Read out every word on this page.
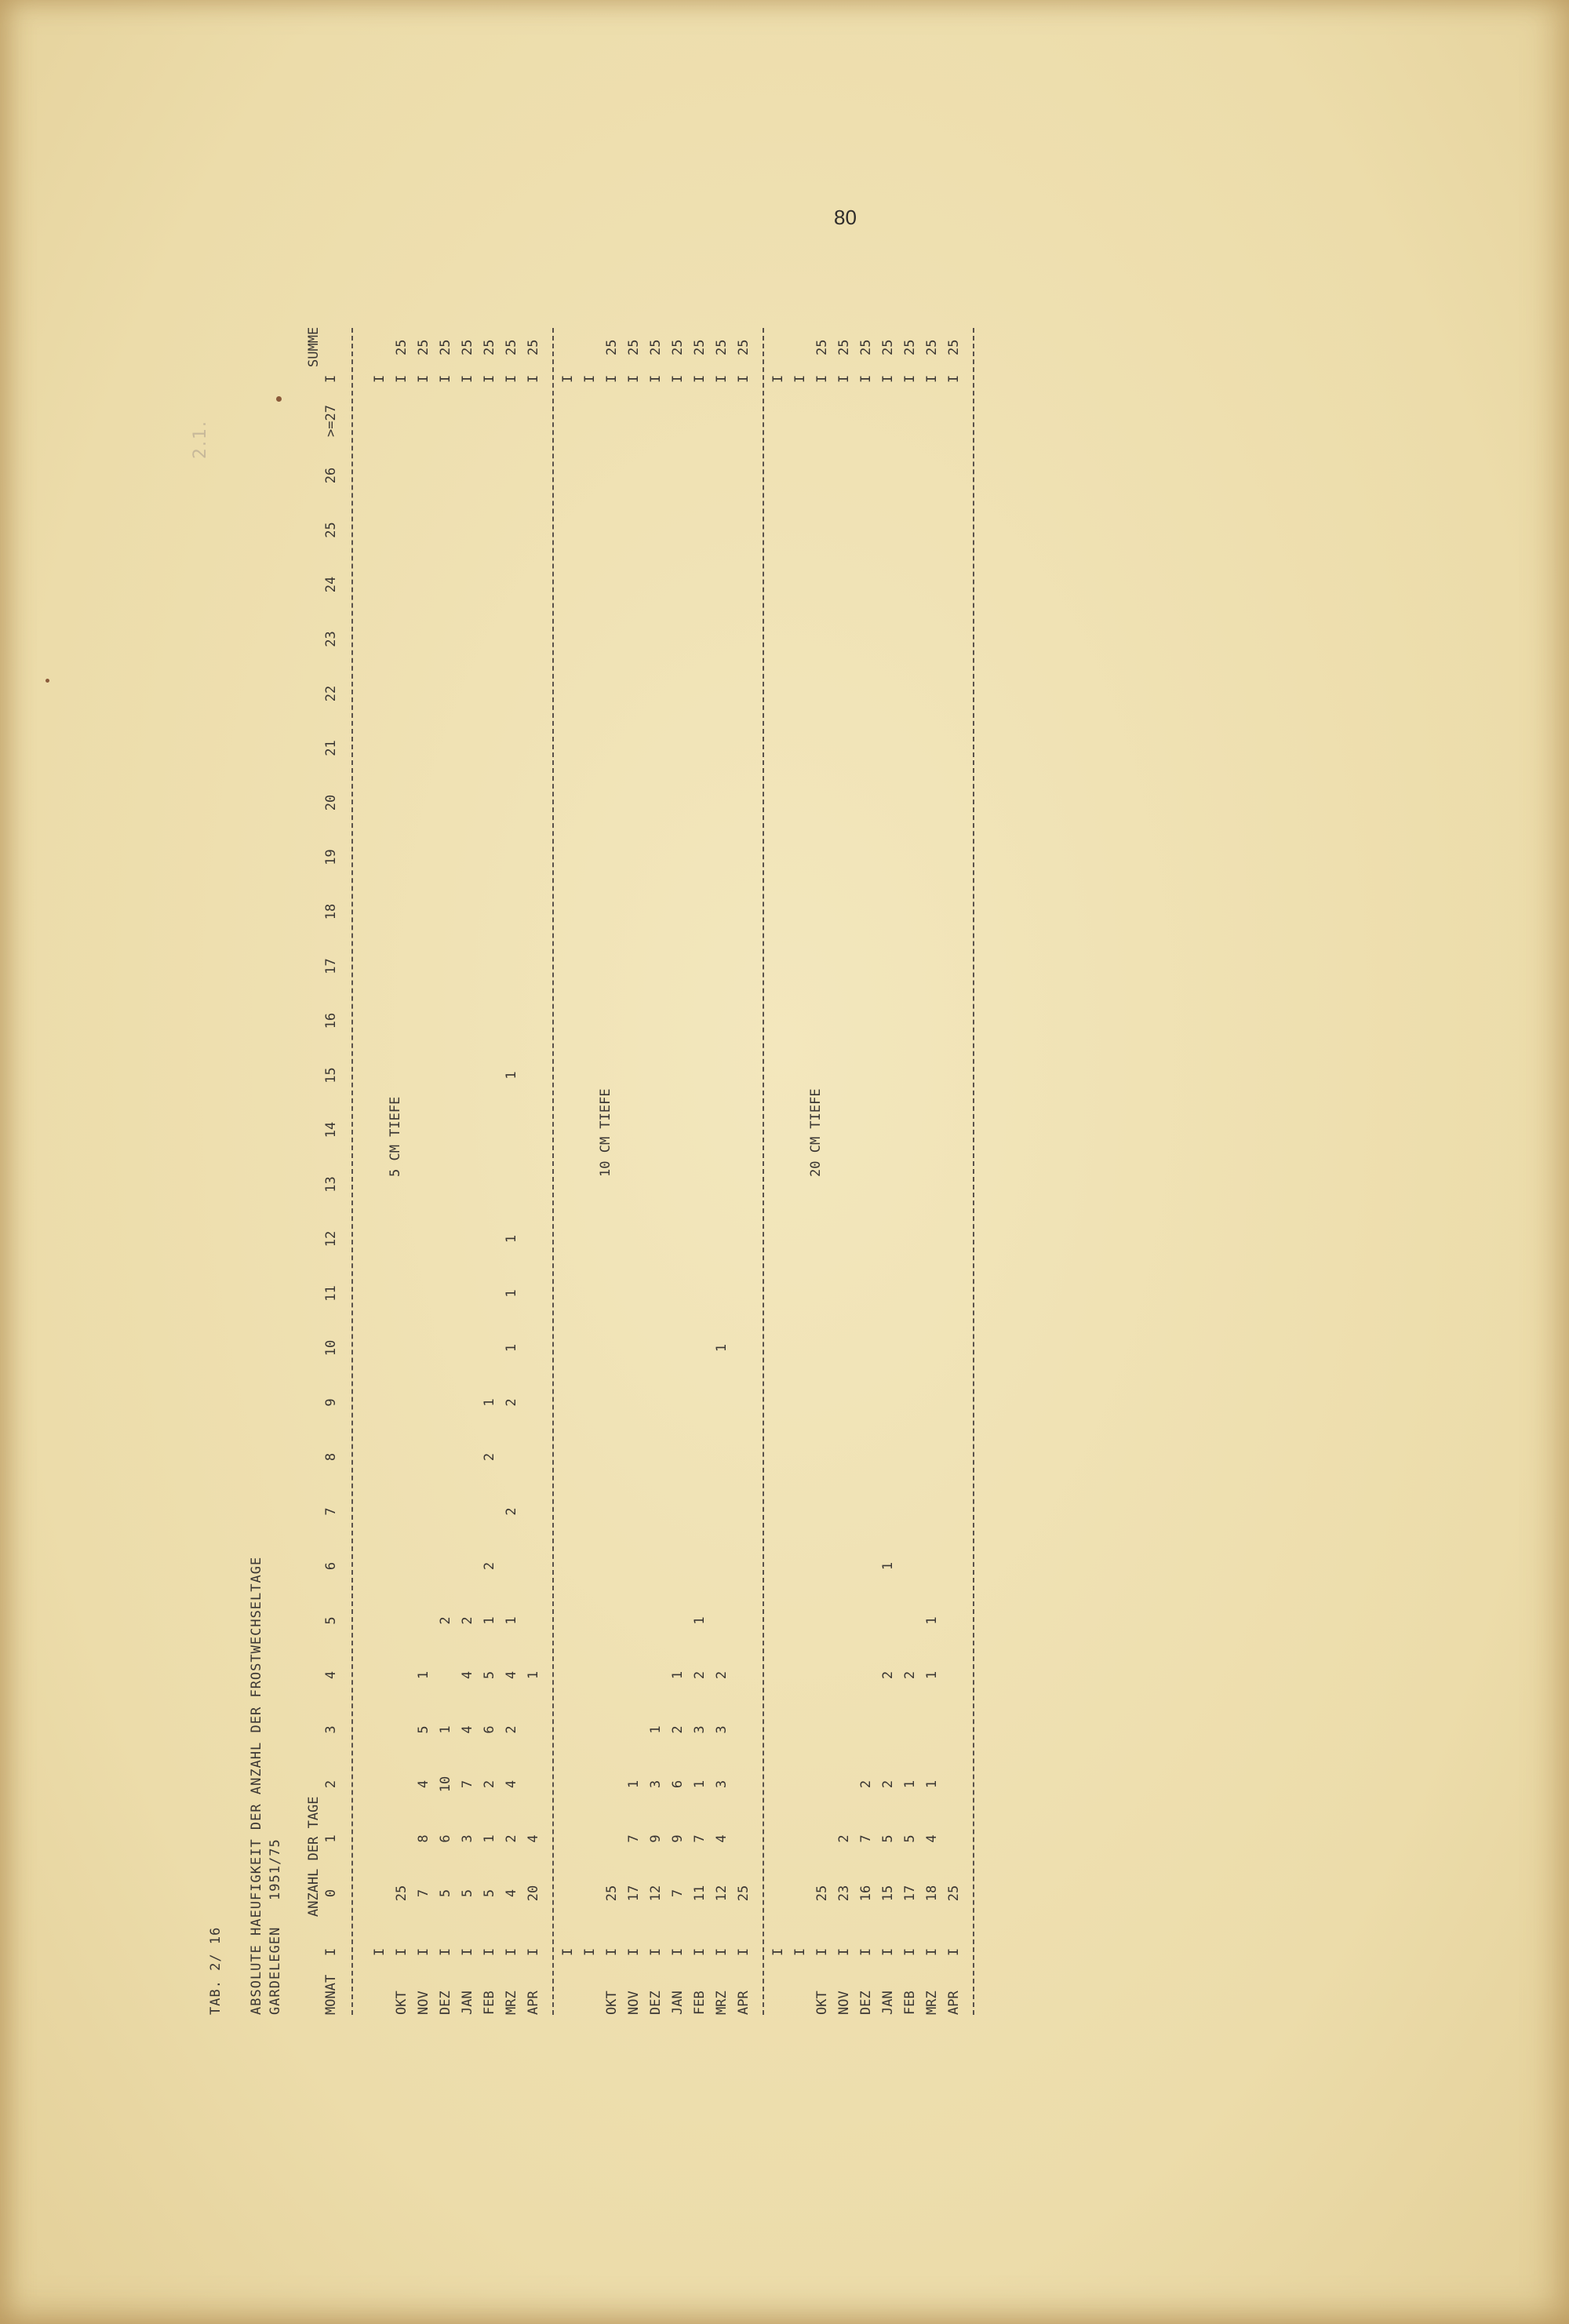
80
2.1.
TAB. 2/ 16 ABSOLUTE HAEUFIGKEIT DER ANZAHL DER FROSTWECHSELTAGE GARDELEGEN   1951/75	MONAT
I
ANZAHL DER TAGE 0
1
2
3
4
5
6
7
8
9
10
11
12
13
14
15
16
17
18
19
20
21
22
23
24
25
26
>=27
I
SUMME
I
I
OKT
I
25
I
25
NOV
I
7
8
4
5
1
I
25
DEZ
I
5
6
10
1
2
I
25
JAN
I
5
3
7
4
4
2
I
25
FEB
I
5
1
2
6
5
1
2
2
1
I
25
MRZ
I
4
2
4
2
4
1
2
2
1
1
1
1
I
25
APR
I
20
4
1
I
25
5 CM TIEFE
I
I
I
I
OKT
I
25
I
25
NOV
I
17
7
1
I
25
DEZ
I
12
9
3
1
I
25
JAN
I
7
9
6
2
1
I
25
FEB
I
11
7
1
3
2
1
I
25
MRZ
I
12
4
3
3
2
1
I
25
APR
I
25
I
25
10 CM TIEFE
I
I
I
I
OKT
I
25
I
25
NOV
I
23
2
I
25
DEZ
I
16
7
2
I
25
JAN
I
15
5
2
2
1
I
25
FEB
I
17
5
1
2
I
25
MRZ
I
18
4
1
1
1
I
25
APR
I
25
I
25
20 CM TIEFE
